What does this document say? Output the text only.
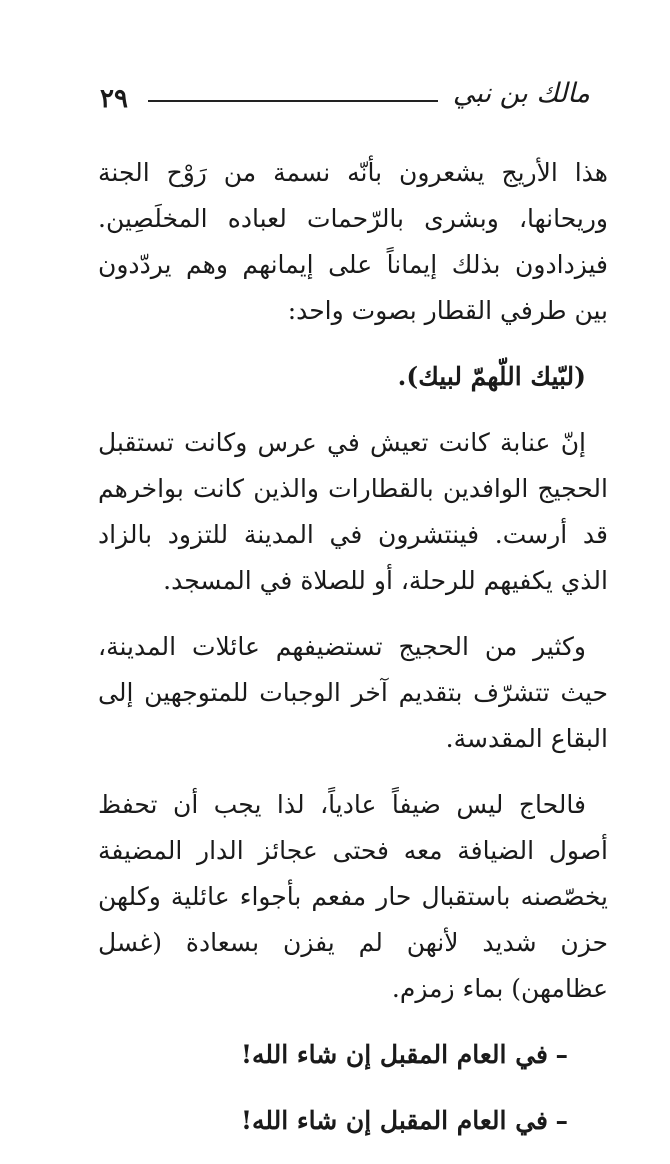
٢٩	مالك بن نبي

هذا الأريج يشعرون بأنّه نسمة من رَوْح الجنة وريحانها، وبشرى بالرّحمات لعباده المخلَصِين. فيزدادون بذلك إيماناً على إيمانهم وهم يردّدون بين طرفي القطار بصوت واحد:

(لبّيك اللّهمّ لبيك).

إنّ عنابة كانت تعيش في عرس وكانت تستقبل الحجيج الوافدين بالقطارات والذين كانت بواخرهم قد أرست. فينتشرون في المدينة للتزود بالزاد الذي يكفيهم للرحلة، أو للصلاة في المسجد.

وكثير من الحجيج تستضيفهم عائلات المدينة، حيث تتشرّف بتقديم آخر الوجبات للمتوجهين إلى البقاع المقدسة.

فالحاج ليس ضيفاً عادياً، لذا يجب أن تحفظ أصول الضيافة معه فحتى عجائز الدار المضيفة يخصّصنه باستقبال حار مفعم بأجواء عائلية وكلهن حزن شديد لأنهن لم يفزن بسعادة (غسل عظامهن) بماء زمزم.

–
في العام المقبل إن شاء الله!
–
في العام المقبل إن شاء الله!
